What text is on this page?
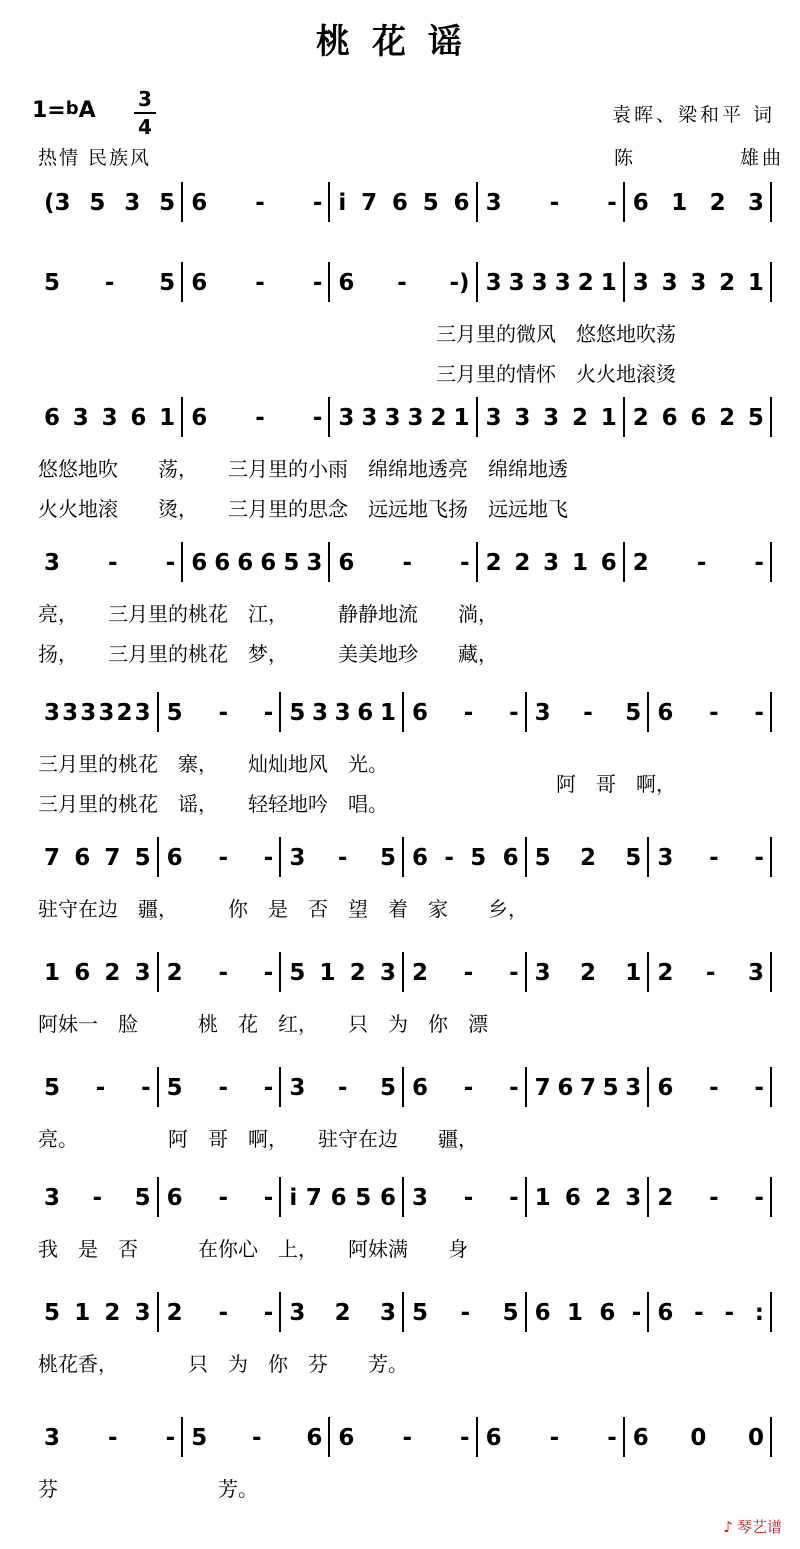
桃花谣
1=$^b$A 3
4
热情 民族风
袁晖、梁和平 词
陈	雄曲
(3 5 3 5 6 - - i 7 6 5 6 3 - - 6 1 2 3
5 - 5 6 - - 6 - -) 3 3 3 3 2 1 3 3 3 2 1
三月里的微风　悠悠地吹荡
三月里的情怀　火火地滚烫
6 3 3 6 1 6 - - 3 3 3 3 2 1 3 3 3 2 1 2 6 6 2 5
悠悠地吹　　荡，　　三月里的小雨　绵绵地透亮　绵绵地透
火火地滚　　烫，　　三月里的思念　远远地飞扬　远远地飞
3 - - 6 6 6 6 5 3 6 - - 2 2 3 1 6 2 - -
亮，　　三月里的桃花　江，　　　静静地流　　淌，
扬，　　三月里的桃花　梦，　　　美美地珍　　藏，
3 3 3 3 2 3 5 - - 5 3 3 6 1 6 - - 3 - 5 6 - -
三月里的桃花　寨，　　灿灿地风　光。
三月里的桃花　谣，　　轻轻地吟　唱。
阿　哥　啊，
7 6 7 5 6 - - 3 - 5 6 - 5 6 5 2 5 3 - -
驻守在边　疆，　　　你　是　否　望　着　家　　乡，
1 6 2 3 2 - - 5 1 2 3 2 - - 3 2 1 2 - 3
阿妹一　脸　　　桃　花　红，　　只　为　你　漂
5 - - 5 - - 3 - 5 6 - - 7 6 7 5 3 6 - -
亮。　　　　　阿　哥　啊，　　驻守在边　　疆，
3 - 5 6 - - i 7 6 5 6 3 - - 1 6 2 3 2 - -
我　是　否　　　在你心　上，　　阿妹满　　身
5 1 2 3 2 - - 3 2 3 5 - 5 6 1 6 - 6 - - :
桃花香，　　　　只　为　你　芬　　芳。
3 - - 5 - 6 6 - - 6 - - 6 0 0
芬　　　　　　　　芳。
♪ 琴艺谱
